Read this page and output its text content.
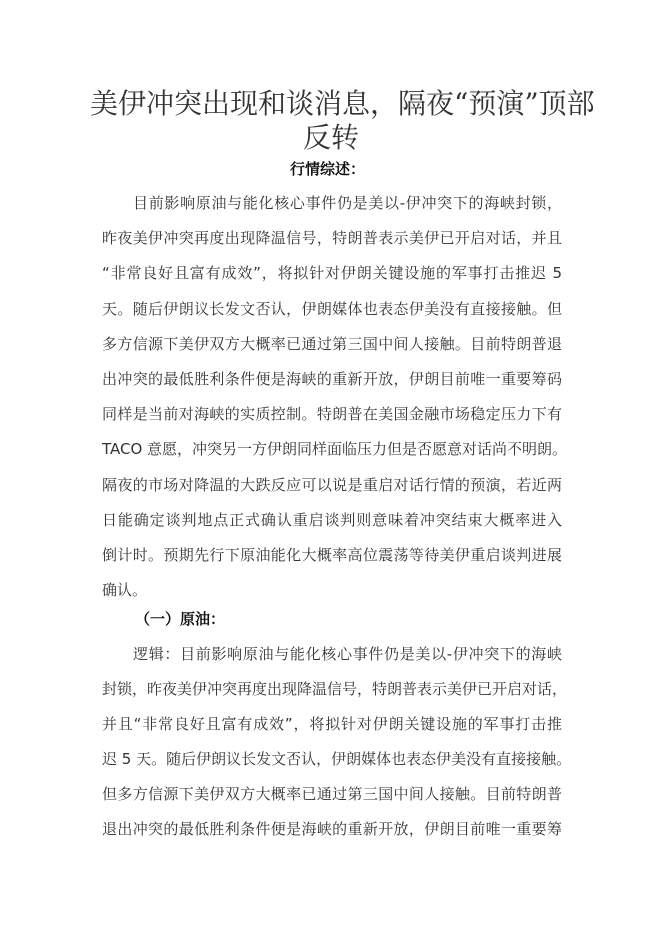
美伊冲突出现和谈消息，隔夜“预演”顶部
反转
行情综述：
目前影响原油与能化核心事件仍是美以-伊冲突下的海峡封锁，
昨夜美伊冲突再度出现降温信号，特朗普表示美伊已开启对话，并且
“非常良好且富有成效”，将拟针对伊朗关键设施的军事打击推迟 5
天。随后伊朗议长发文否认，伊朗媒体也表态伊美没有直接接触。但
多方信源下美伊双方大概率已通过第三国中间人接触。目前特朗普退
出冲突的最低胜利条件便是海峡的重新开放，伊朗目前唯一重要筹码
同样是当前对海峡的实质控制。特朗普在美国金融市场稳定压力下有
TACO 意愿，冲突另一方伊朗同样面临压力但是否愿意对话尚不明朗。
隔夜的市场对降温的大跌反应可以说是重启对话行情的预演，若近两
日能确定谈判地点正式确认重启谈判则意味着冲突结束大概率进入
倒计时。预期先行下原油能化大概率高位震荡等待美伊重启谈判进展
确认。
（一）原油：
逻辑：目前影响原油与能化核心事件仍是美以-伊冲突下的海峡
封锁，昨夜美伊冲突再度出现降温信号，特朗普表示美伊已开启对话，
并且“非常良好且富有成效”，将拟针对伊朗关键设施的军事打击推
迟 5 天。随后伊朗议长发文否认，伊朗媒体也表态伊美没有直接接触。
但多方信源下美伊双方大概率已通过第三国中间人接触。目前特朗普
退出冲突的最低胜利条件便是海峡的重新开放，伊朗目前唯一重要筹
